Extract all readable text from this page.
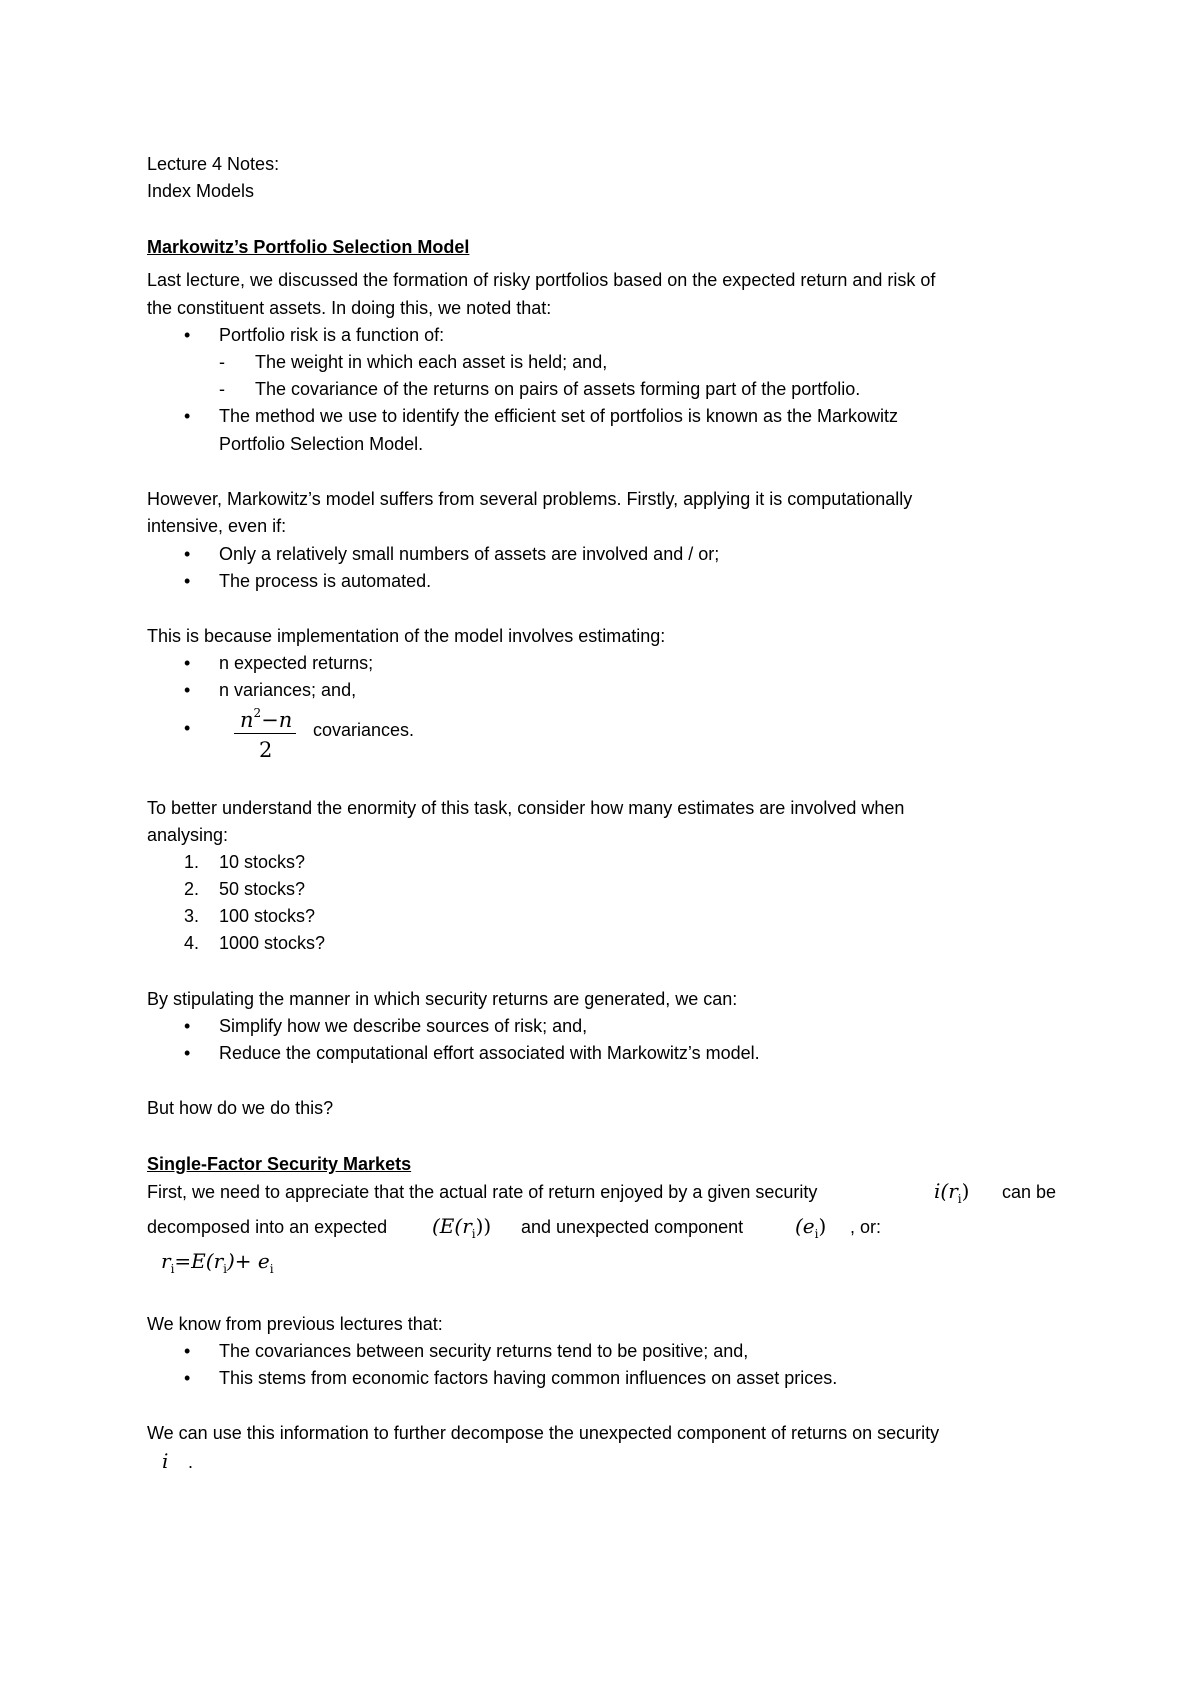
Lecture 4 Notes:
Index Models
Markowitz’s Portfolio Selection Model
Last lecture, we discussed the formation of risky portfolios based on the expected return and risk of
the constituent assets. In doing this, we noted that:
• Portfolio risk is a function of:
- The weight in which each asset is held; and,
- The covariance of the returns on pairs of assets forming part of the portfolio.
• The method we use to identify the efficient set of portfolios is known as the Markowitz
Portfolio Selection Model.
However, Markowitz’s model suffers from several problems. Firstly, applying it is computationally
intensive, even if:
• Only a relatively small numbers of assets are involved and / or;
• The process is automated.
This is because implementation of the model involves estimating:
• n expected returns;
• n variances; and,
• $n^2-n$
2
covariances.
To better understand the enormity of this task, consider how many estimates are involved when
analysing:
1. 10 stocks?
2. 50 stocks?
3. 100 stocks?
4. 1000 stocks?
By stipulating the manner in which security returns are generated, we can:
• Simplify how we describe sources of risk; and,
• Reduce the computational effort associated with Markowitz’s model.
But how do we do this?
Single-Factor Security Markets
First, we need to appreciate that the actual rate of return enjoyed by a given security	$i(r_i)$ can be
decomposed into an expected $(E(r_i))$ and unexpected component	$(e_i)$ , or:
$r_i=E(r_i)+ e_i$
We know from previous lectures that:
• The covariances between security returns tend to be positive; and,
• This stems from economic factors having common influences on asset prices.
We can use this information to further decompose the unexpected component of returns on security
i .
